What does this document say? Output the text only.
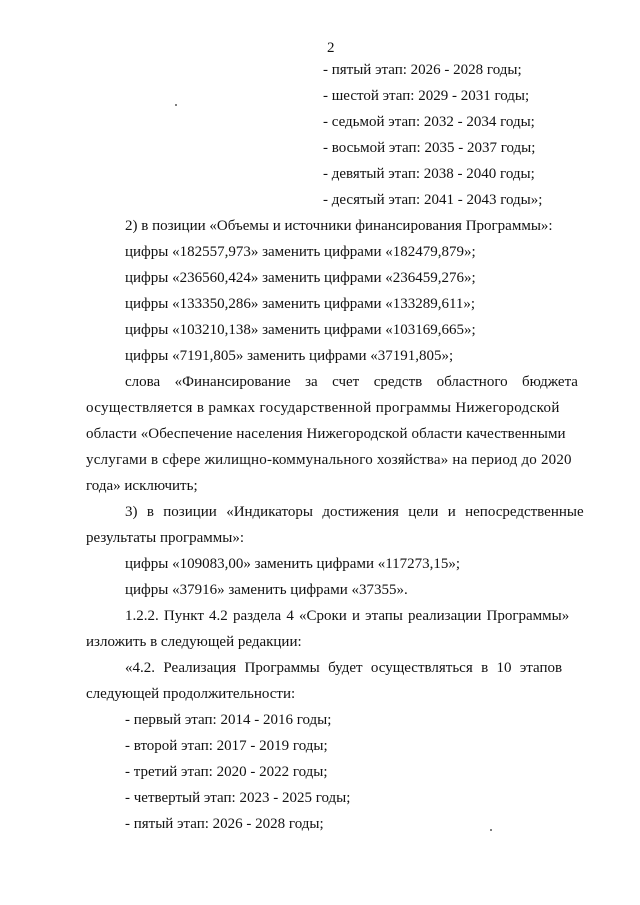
2
- пятый этап: 2026 - 2028 годы;
- шестой этап: 2029 - 2031 годы;
- седьмой этап: 2032 - 2034 годы;
- восьмой этап: 2035 - 2037 годы;
- девятый этап: 2038 - 2040 годы;
- десятый этап: 2041 - 2043 годы»;
2) в позиции «Объемы и источники финансирования Программы»:
цифры «182557,973» заменить цифрами «182479,879»;
цифры «236560,424» заменить цифрами «236459,276»;
цифры «133350,286» заменить цифрами «133289,611»;
цифры «103210,138» заменить цифрами «103169,665»;
цифры «7191,805» заменить цифрами «37191,805»;
слова «Финансирование за счет средств областного бюджета
осуществляется в рамках государственной программы Нижегородской
области «Обеспечение населения Нижегородской области качественными
услугами в сфере жилищно-коммунального хозяйства» на период до 2020
года» исключить;
3) в позиции «Индикаторы достижения цели и непосредственные
результаты программы»:
цифры «109083,00» заменить цифрами «117273,15»;
цифры «37916» заменить цифрами «37355».
1.2.2. Пункт 4.2 раздела 4 «Сроки и этапы реализации Программы»
изложить в следующей редакции:
«4.2. Реализация Программы будет осуществляться в 10 этапов
следующей продолжительности:
- первый этап: 2014 - 2016 годы;
- второй этап: 2017 - 2019 годы;
- третий этап: 2020 - 2022 годы;
- четвертый этап: 2023 - 2025 годы;
- пятый этап: 2026 - 2028 годы;
